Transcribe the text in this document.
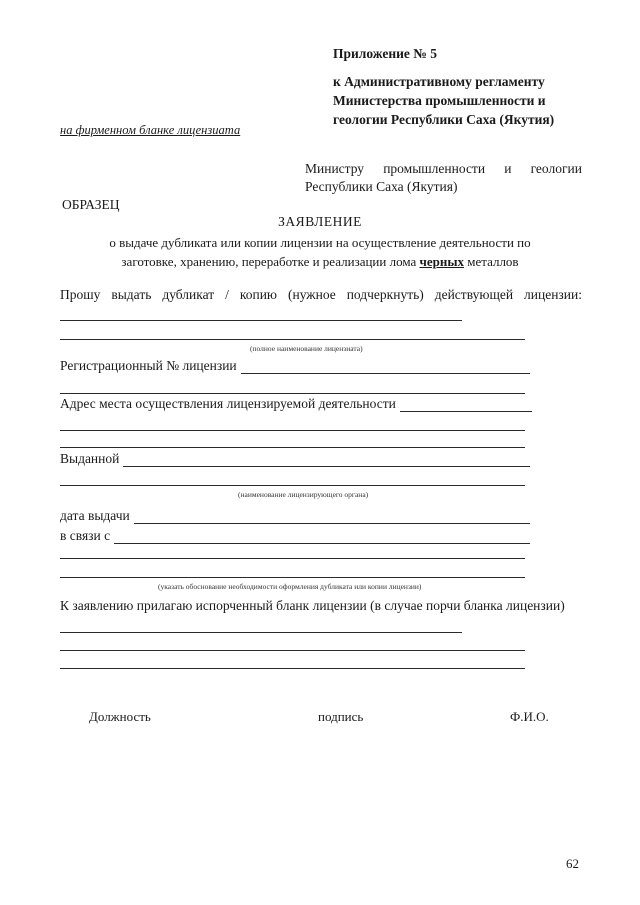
Приложение № 5
к Административному регламенту
Министерства промышленности и
геологии Республики Саха (Якутия)
на фирменном бланке лицензиата
Министру промышленности и геологии
Республики Саха (Якутия)
ОБРАЗЕЦ
ЗАЯВЛЕНИЕ
о выдаче дубликата или копии лицензии на осуществление деятельности по
заготовке, хранению, переработке и реализации лома черных металлов
Прошу выдать дубликат / копию (нужное подчеркнуть) действующей лицензии:
(полное наименование лицензиата)
Регистрационный № лицензии
Адрес места осуществления лицензируемой деятельности
Выданной
(наименование лицензирующего органа)
дата выдачи
в связи с
(указать обоснование необходимости оформления дубликата или копии лицензии)
К заявлению прилагаю испорченный бланк лицензии (в случае порчи бланка лицензии)
Должность	подпись	Ф.И.О.
62
